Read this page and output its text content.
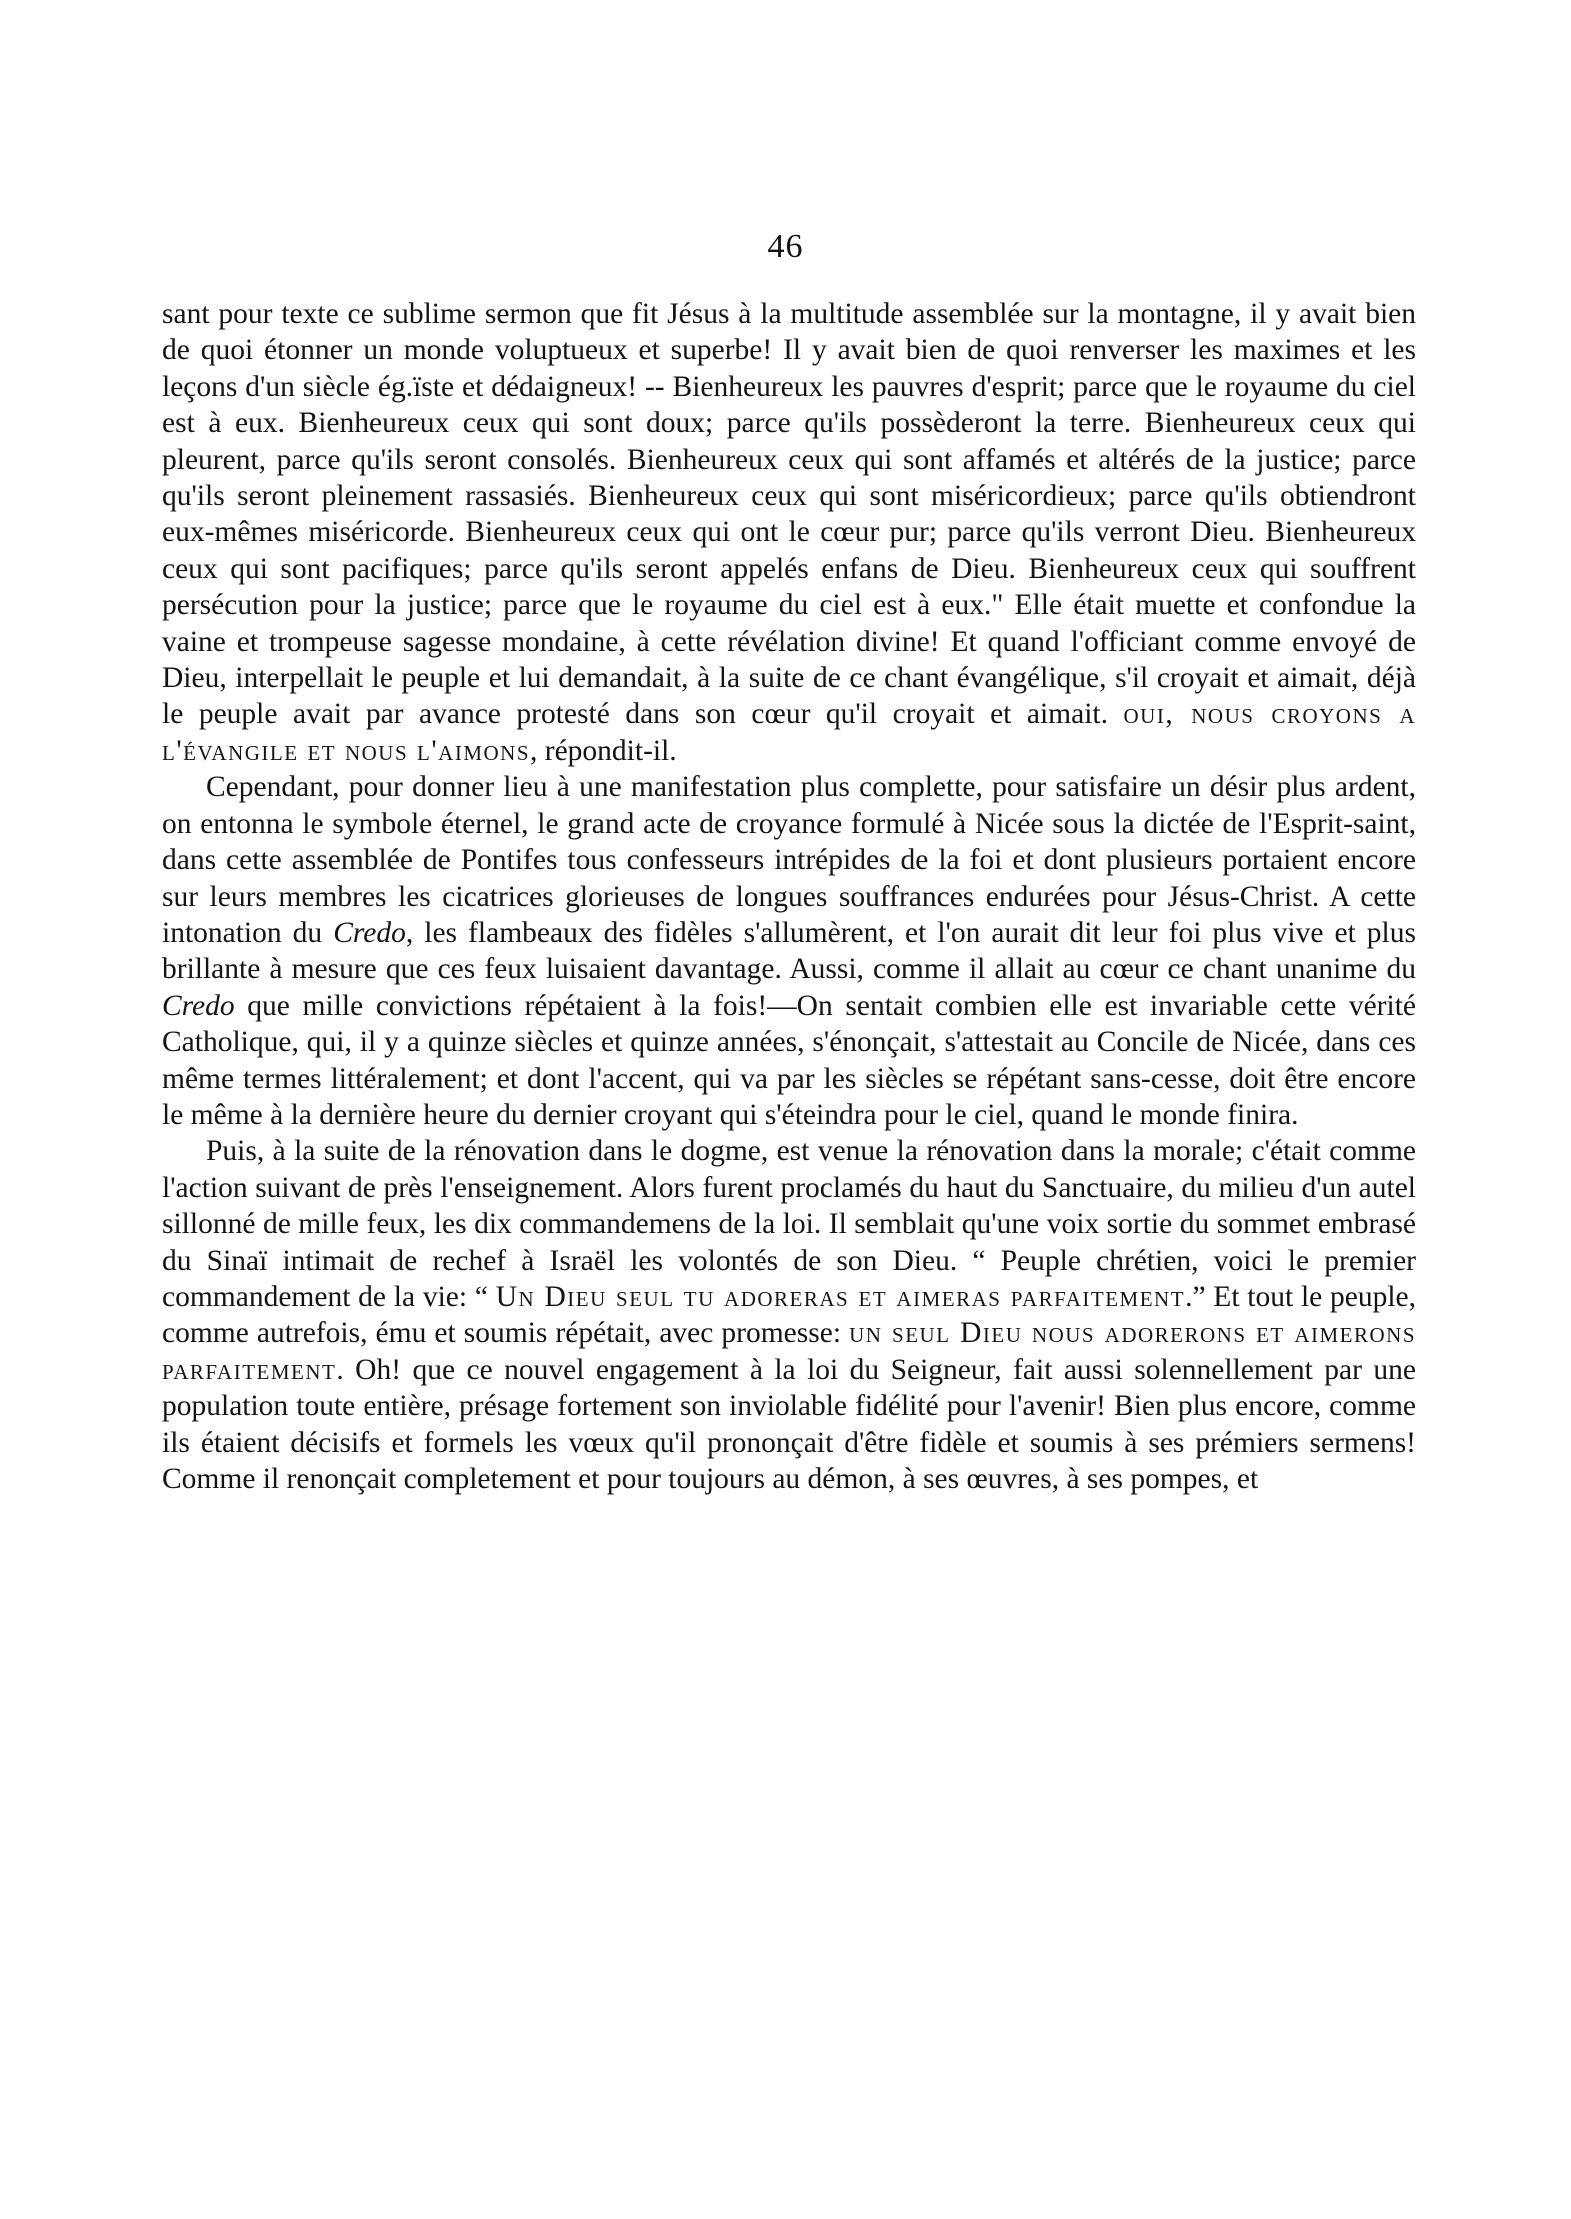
46

sant pour texte ce sublime sermon que fit Jésus à la multitude assemblée sur la montagne, il y avait bien de quoi étonner un monde voluptueux et superbe! Il y avait bien de quoi renverser les maximes et les leçons d'un siècle ég.ïste et dédaigneux! -- Bienheureux les pauvres d'esprit; parce que le royaume du ciel est à eux. Bienheureux ceux qui sont doux; parce qu'ils possèderont la terre. Bienheureux ceux qui pleurent, parce qu'ils seront consolés. Bienheureux ceux qui sont affamés et altérés de la justice; parce qu'ils seront pleinement rassasiés. Bienheureux ceux qui sont miséricordieux; parce qu'ils obtiendront eux-mêmes miséricorde. Bienheureux ceux qui ont le cœur pur; parce qu'ils verront Dieu. Bienheureux ceux qui sont pacifiques; parce qu'ils seront appelés enfans de Dieu. Bienheureux ceux qui souffrent persécution pour la justice; parce que le royaume du ciel est à eux." Elle était muette et confondue la vaine et trompeuse sagesse mondaine, à cette révélation divine! Et quand l'officiant comme envoyé de Dieu, interpellait le peuple et lui demandait, à la suite de ce chant évangélique, s'il croyait et aimait, déjà le peuple avait par avance protesté dans son cœur qu'il croyait et aimait. oui, nous croyons a l'évangile et nous l'aimons, répondit-il.

Cependant, pour donner lieu à une manifestation plus complette, pour satisfaire un désir plus ardent, on entonna le symbole éternel, le grand acte de croyance formulé à Nicée sous la dictée de l'Esprit-saint, dans cette assemblée de Pontifes tous confesseurs intrépides de la foi et dont plusieurs portaient encore sur leurs membres les cicatrices glorieuses de longues souffrances endurées pour Jésus-Christ. A cette intonation du Credo, les flambeaux des fidèles s'allumèrent, et l'on aurait dit leur foi plus vive et plus brillante à mesure que ces feux luisaient davantage. Aussi, comme il allait au cœur ce chant unanime du Credo que mille convictions répétaient à la fois!—On sentait combien elle est invariable cette vérité Catholique, qui, il y a quinze siècles et quinze années, s'énonçait, s'attestait au Concile de Nicée, dans ces même termes littéralement; et dont l'accent, qui va par les siècles se répétant sans-cesse, doit être encore le même à la dernière heure du dernier croyant qui s'éteindra pour le ciel, quand le monde finira.

Puis, à la suite de la rénovation dans le dogme, est venue la rénovation dans la morale; c'était comme l'action suivant de près l'enseignement. Alors furent proclamés du haut du Sanctuaire, du milieu d'un autel sillonné de mille feux, les dix commandemens de la loi. Il semblait qu'une voix sortie du sommet embrasé du Sinaï intimait de rechef à Israël les volontés de son Dieu. “ Peuple chrétien, voici le premier commandement de la vie: “ Un Dieu seul tu adoreras et aimeras parfaitement.” Et tout le peuple, comme autrefois, ému et soumis répétait, avec promesse: un seul Dieu nous adorerons et aimerons parfaitement. Oh! que ce nouvel engagement à la loi du Seigneur, fait aussi solennellement par une population toute entière, présage fortement son inviolable fidélité pour l'avenir! Bien plus encore, comme ils étaient décisifs et formels les vœux qu'il prononçait d'être fidèle et soumis à ses prémiers sermens! Comme il renonçait completement et pour toujours au démon, à ses œuvres, à ses pompes, et
